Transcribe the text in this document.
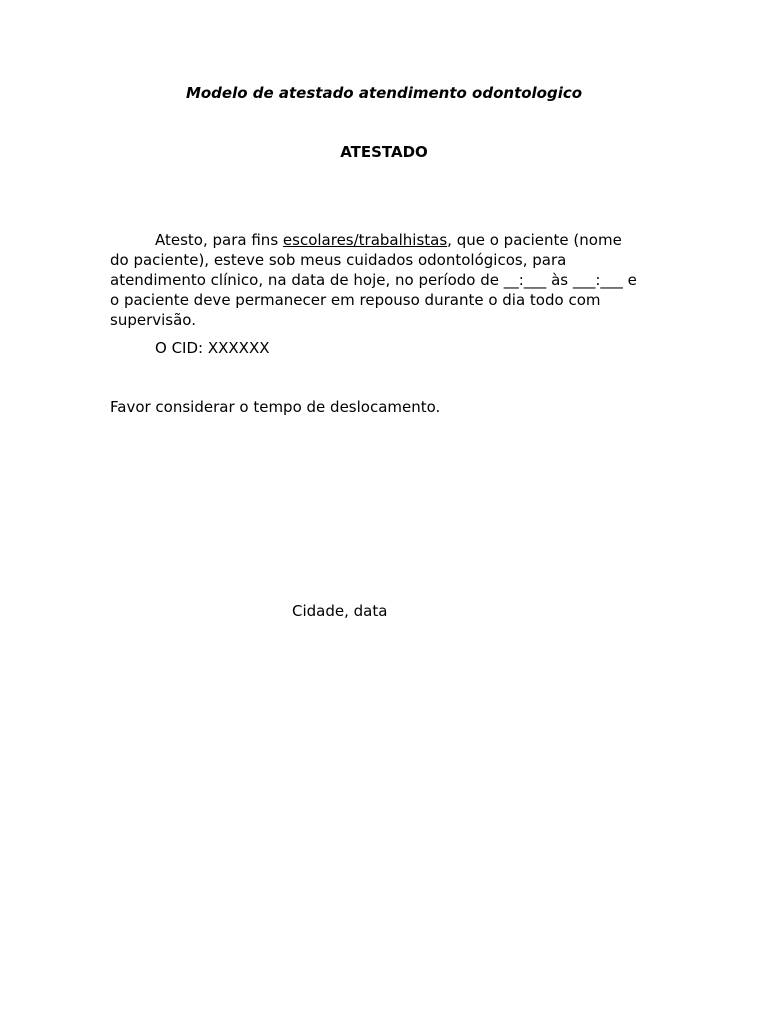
Modelo de atestado atendimento odontologico
ATESTADO
Atesto, para fins escolares/trabalhistas, que o paciente (nome
do paciente), esteve sob meus cuidados odontológicos, para
atendimento clínico, na data de hoje, no período de __:___ às ___:___ e
o paciente deve permanecer em repouso durante o dia todo com
supervisão.
O CID: XXXXXX
Favor considerar o tempo de deslocamento.
Cidade, data
